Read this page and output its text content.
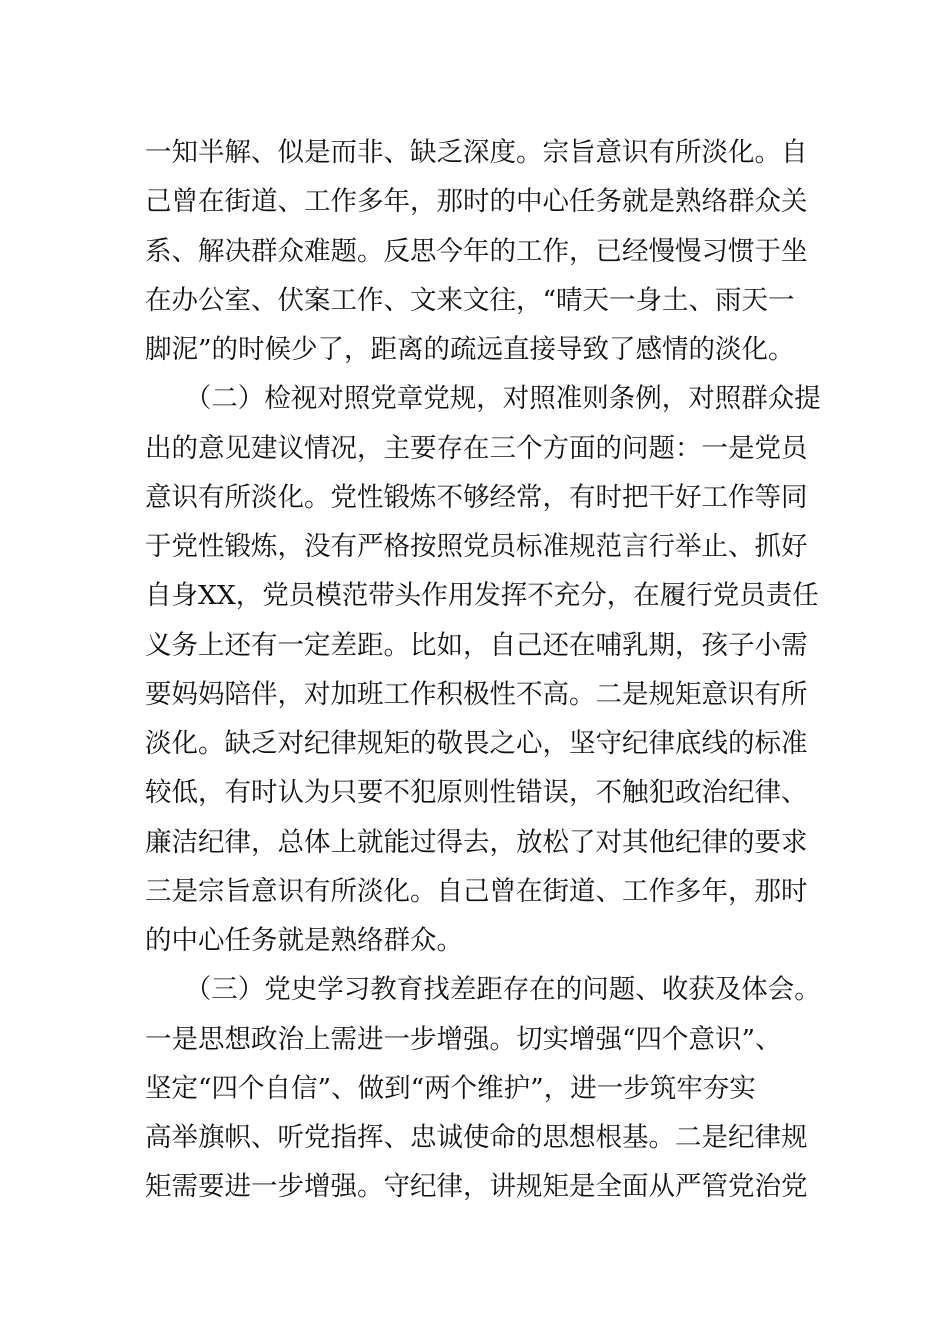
一知半解、似是而非、缺乏深度。宗旨意识有所淡化。自
己曾在街道、工作多年，那时的中心任务就是熟络群众关
系、解决群众难题。反思今年的工作，已经慢慢习惯于坐
在办公室、伏案工作、文来文往，“晴天一身土、雨天一
脚泥”的时候少了，距离的疏远直接导致了感情的淡化。
　　（二）检视对照党章党规，对照准则条例，对照群众提
出的意见建议情况，主要存在三个方面的问题：一是党员
意识有所淡化。党性锻炼不够经常，有时把干好工作等同
于党性锻炼，没有严格按照党员标准规范言行举止、抓好
自身XX，党员模范带头作用发挥不充分，在履行党员责任
义务上还有一定差距。比如，自己还在哺乳期，孩子小需
要妈妈陪伴，对加班工作积极性不高。二是规矩意识有所
淡化。缺乏对纪律规矩的敬畏之心，坚守纪律底线的标准
较低，有时认为只要不犯原则性错误，不触犯政治纪律、
廉洁纪律，总体上就能过得去，放松了对其他纪律的要求
三是宗旨意识有所淡化。自己曾在街道、工作多年，那时
的中心任务就是熟络群众。
　　（三）党史学习教育找差距存在的问题、收获及体会。
一是思想政治上需进一步增强。切实增强“四个意识”、
坚定“四个自信”、做到“两个维护”，进一步筑牢夯实
高举旗帜、听党指挥、忠诚使命的思想根基。二是纪律规
矩需要进一步增强。守纪律，讲规矩是全面从严管党治党
